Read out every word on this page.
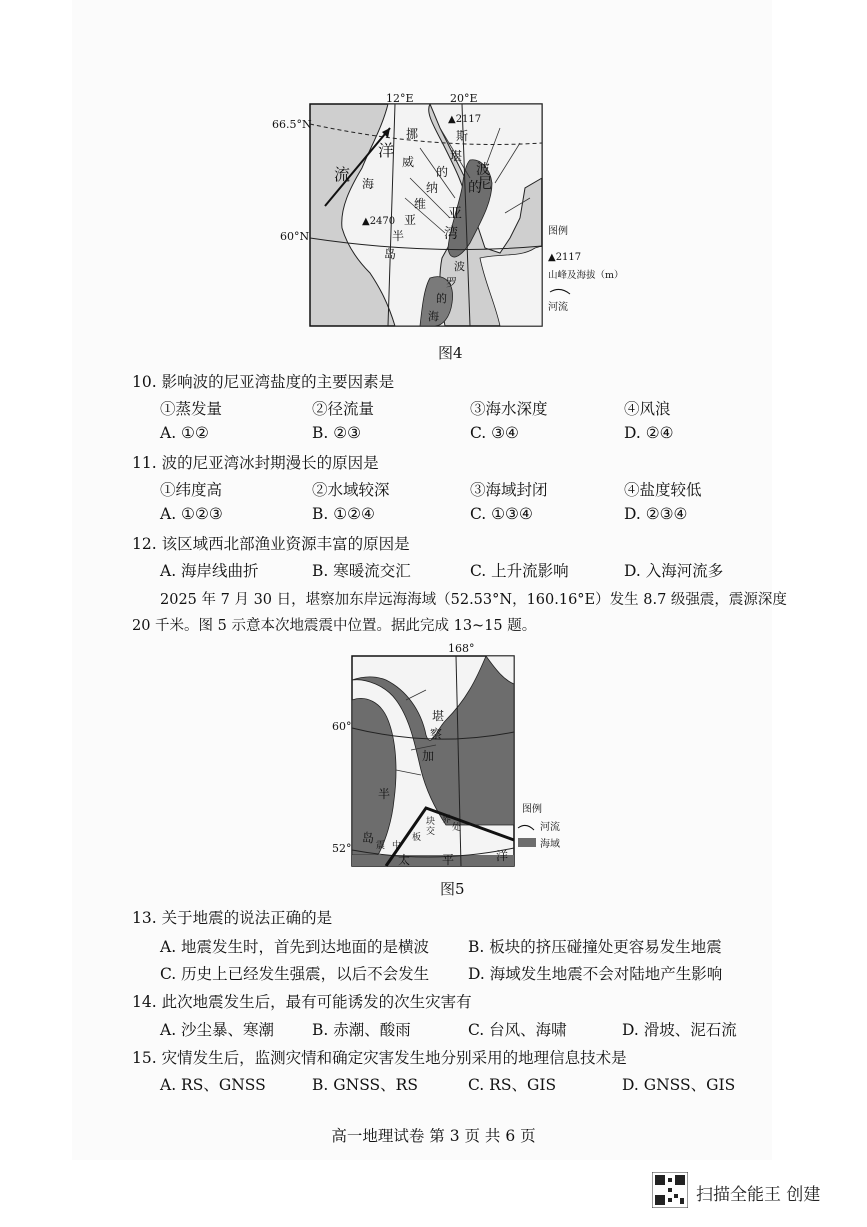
66.5°N
60°N
12°E	20°E
▲2117
▲2470
洋
流
挪
威
海
斯
堪
的
纳
维
亚
半
岛
波
的
尼
亚
湾
波
罗
的
海
图例
▲2117
山峰及海拔（m）
河流
图4
10. 影响波的尼亚湾盐度的主要因素是
①蒸发量	②径流量	③海水深度	④风浪
A. ①②	B. ②③	C. ③④	D. ②④
11. 波的尼亚湾冰封期漫长的原因是
①纬度高	②水域较深	③海域封闭	④盐度较低
A. ①②③	B. ①②④	C. ①③④	D. ②③④
12. 该区域西北部渔业资源丰富的原因是
A. 海岸线曲折	B. 寒暖流交汇	C. 上升流影响	D. 入海河流多
2025 年 7 月 30 日，堪察加东岸远海海域（52.53°N，160.16°E）发生 8.7 级强震，震源深度
20 千米。图 5 示意本次地震震中位置。据此完成 13~15 题。
168°
60°
52°
堪
察
加
半
岛
震 中
板
块
交
界
处
太	平	洋
图例
河流
海域
图5
13. 关于地震的说法正确的是
A. 地震发生时，首先到达地面的是横波	B. 板块的挤压碰撞处更容易发生地震
C. 历史上已经发生强震，以后不会发生	D. 海域发生地震不会对陆地产生影响
14. 此次地震发生后，最有可能诱发的次生灾害有
A. 沙尘暴、寒潮 B. 赤潮、酸雨	C. 台风、海啸	D. 滑坡、泥石流
15. 灾情发生后，监测灾情和确定灾害发生地分别采用的地理信息技术是
A. RS、GNSS	B. GNSS、RS	C. RS、GIS	D. GNSS、GIS
高一地理试卷 第 3 页 共 6 页
扫描全能王 创建
